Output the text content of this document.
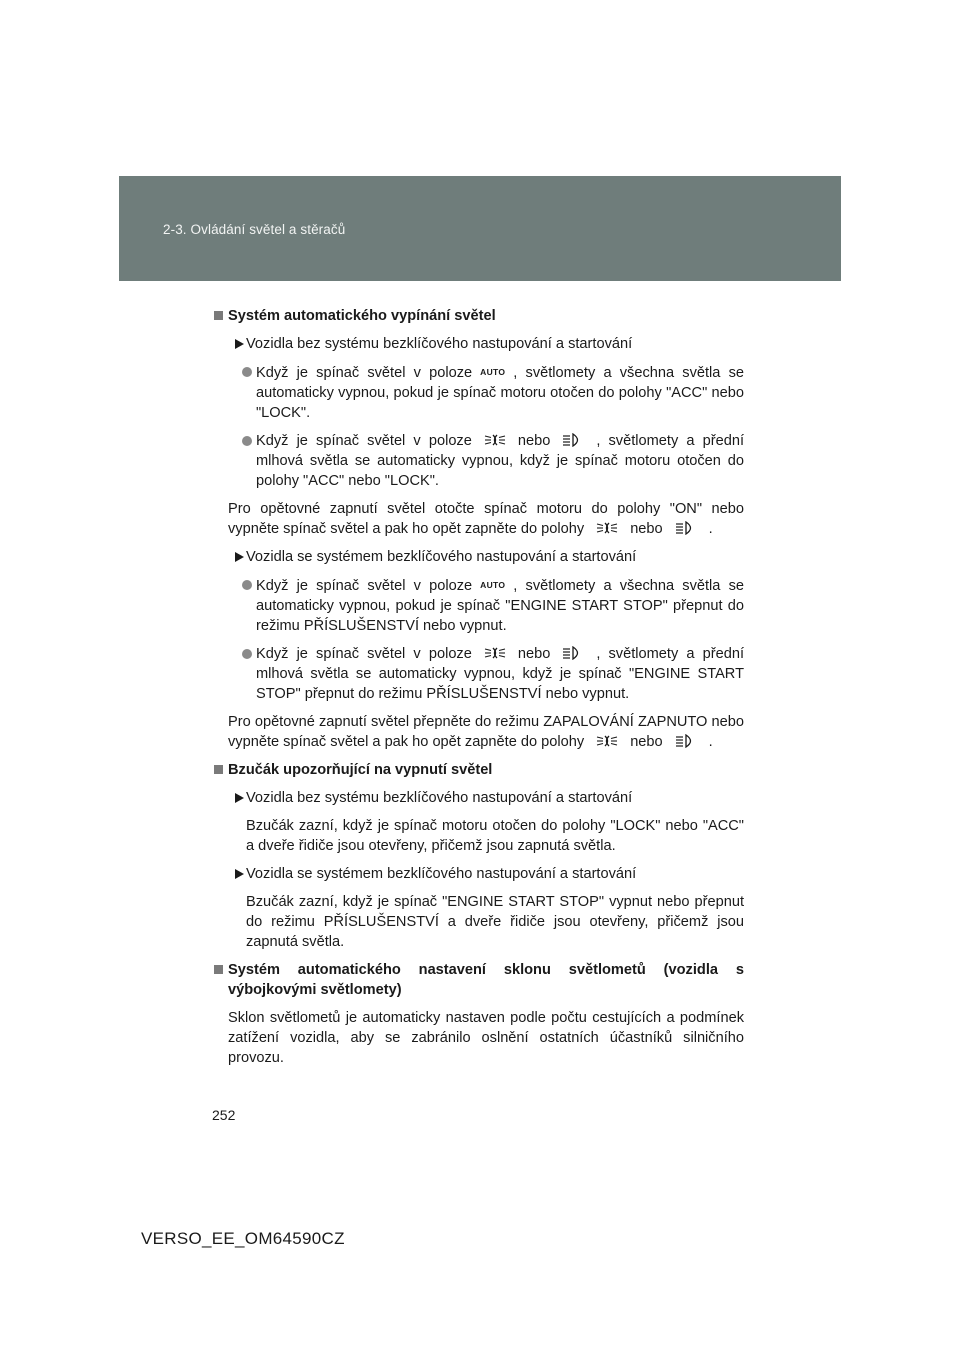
2-3. Ovládání světel a stěračů
Systém automatického vypínání světel
Vozidla bez systému bezklíčového nastupování a startování
Když je spínač světel v poloze AUTO , světlomety a všechna světla se automaticky vypnou, pokud je spínač motoru otočen do polohy "ACC" nebo "LOCK".
Když je spínač světel v poloze	nebo	, světlomety a přední mlhová světla se automaticky vypnou, když je spínač motoru otočen do polohy "ACC" nebo "LOCK".
Pro opětovné zapnutí světel otočte spínač motoru do polohy "ON" nebo vypněte spínač světel a pak ho opět zapněte do polohy	nebo	.
Vozidla se systémem bezklíčového nastupování a startování
Když je spínač světel v poloze AUTO , světlomety a všechna světla se automaticky vypnou, pokud je spínač "ENGINE START STOP" přepnut do režimu PŘÍSLUŠENSTVÍ nebo vypnut.
Když je spínač světel v poloze	nebo	, světlomety a přední mlhová světla se automaticky vypnou, když je spínač "ENGINE START STOP" přepnut do režimu PŘÍSLUŠENSTVÍ nebo vypnut.
Pro opětovné zapnutí světel přepněte do režimu ZAPALOVÁNÍ ZAPNUTO nebo vypněte spínač světel a pak ho opět zapněte do polohy	nebo	.
Bzučák upozorňující na vypnutí světel
Vozidla bez systému bezklíčového nastupování a startování
Bzučák zazní, když je spínač motoru otočen do polohy "LOCK" nebo "ACC" a dveře řidiče jsou otevřeny, přičemž jsou zapnutá světla.
Vozidla se systémem bezklíčového nastupování a startování
Bzučák zazní, když je spínač "ENGINE START STOP" vypnut nebo přepnut do režimu PŘÍSLUŠENSTVÍ a dveře řidiče jsou otevřeny, přičemž jsou zapnutá světla.
Systém automatického nastavení sklonu světlometů (vozidla s výbojkovými světlomety)
Sklon světlometů je automaticky nastaven podle počtu cestujících a podmínek zatížení vozidla, aby se zabránilo oslnění ostatních účastníků silničního provozu.
252
VERSO_EE_OM64590CZ
